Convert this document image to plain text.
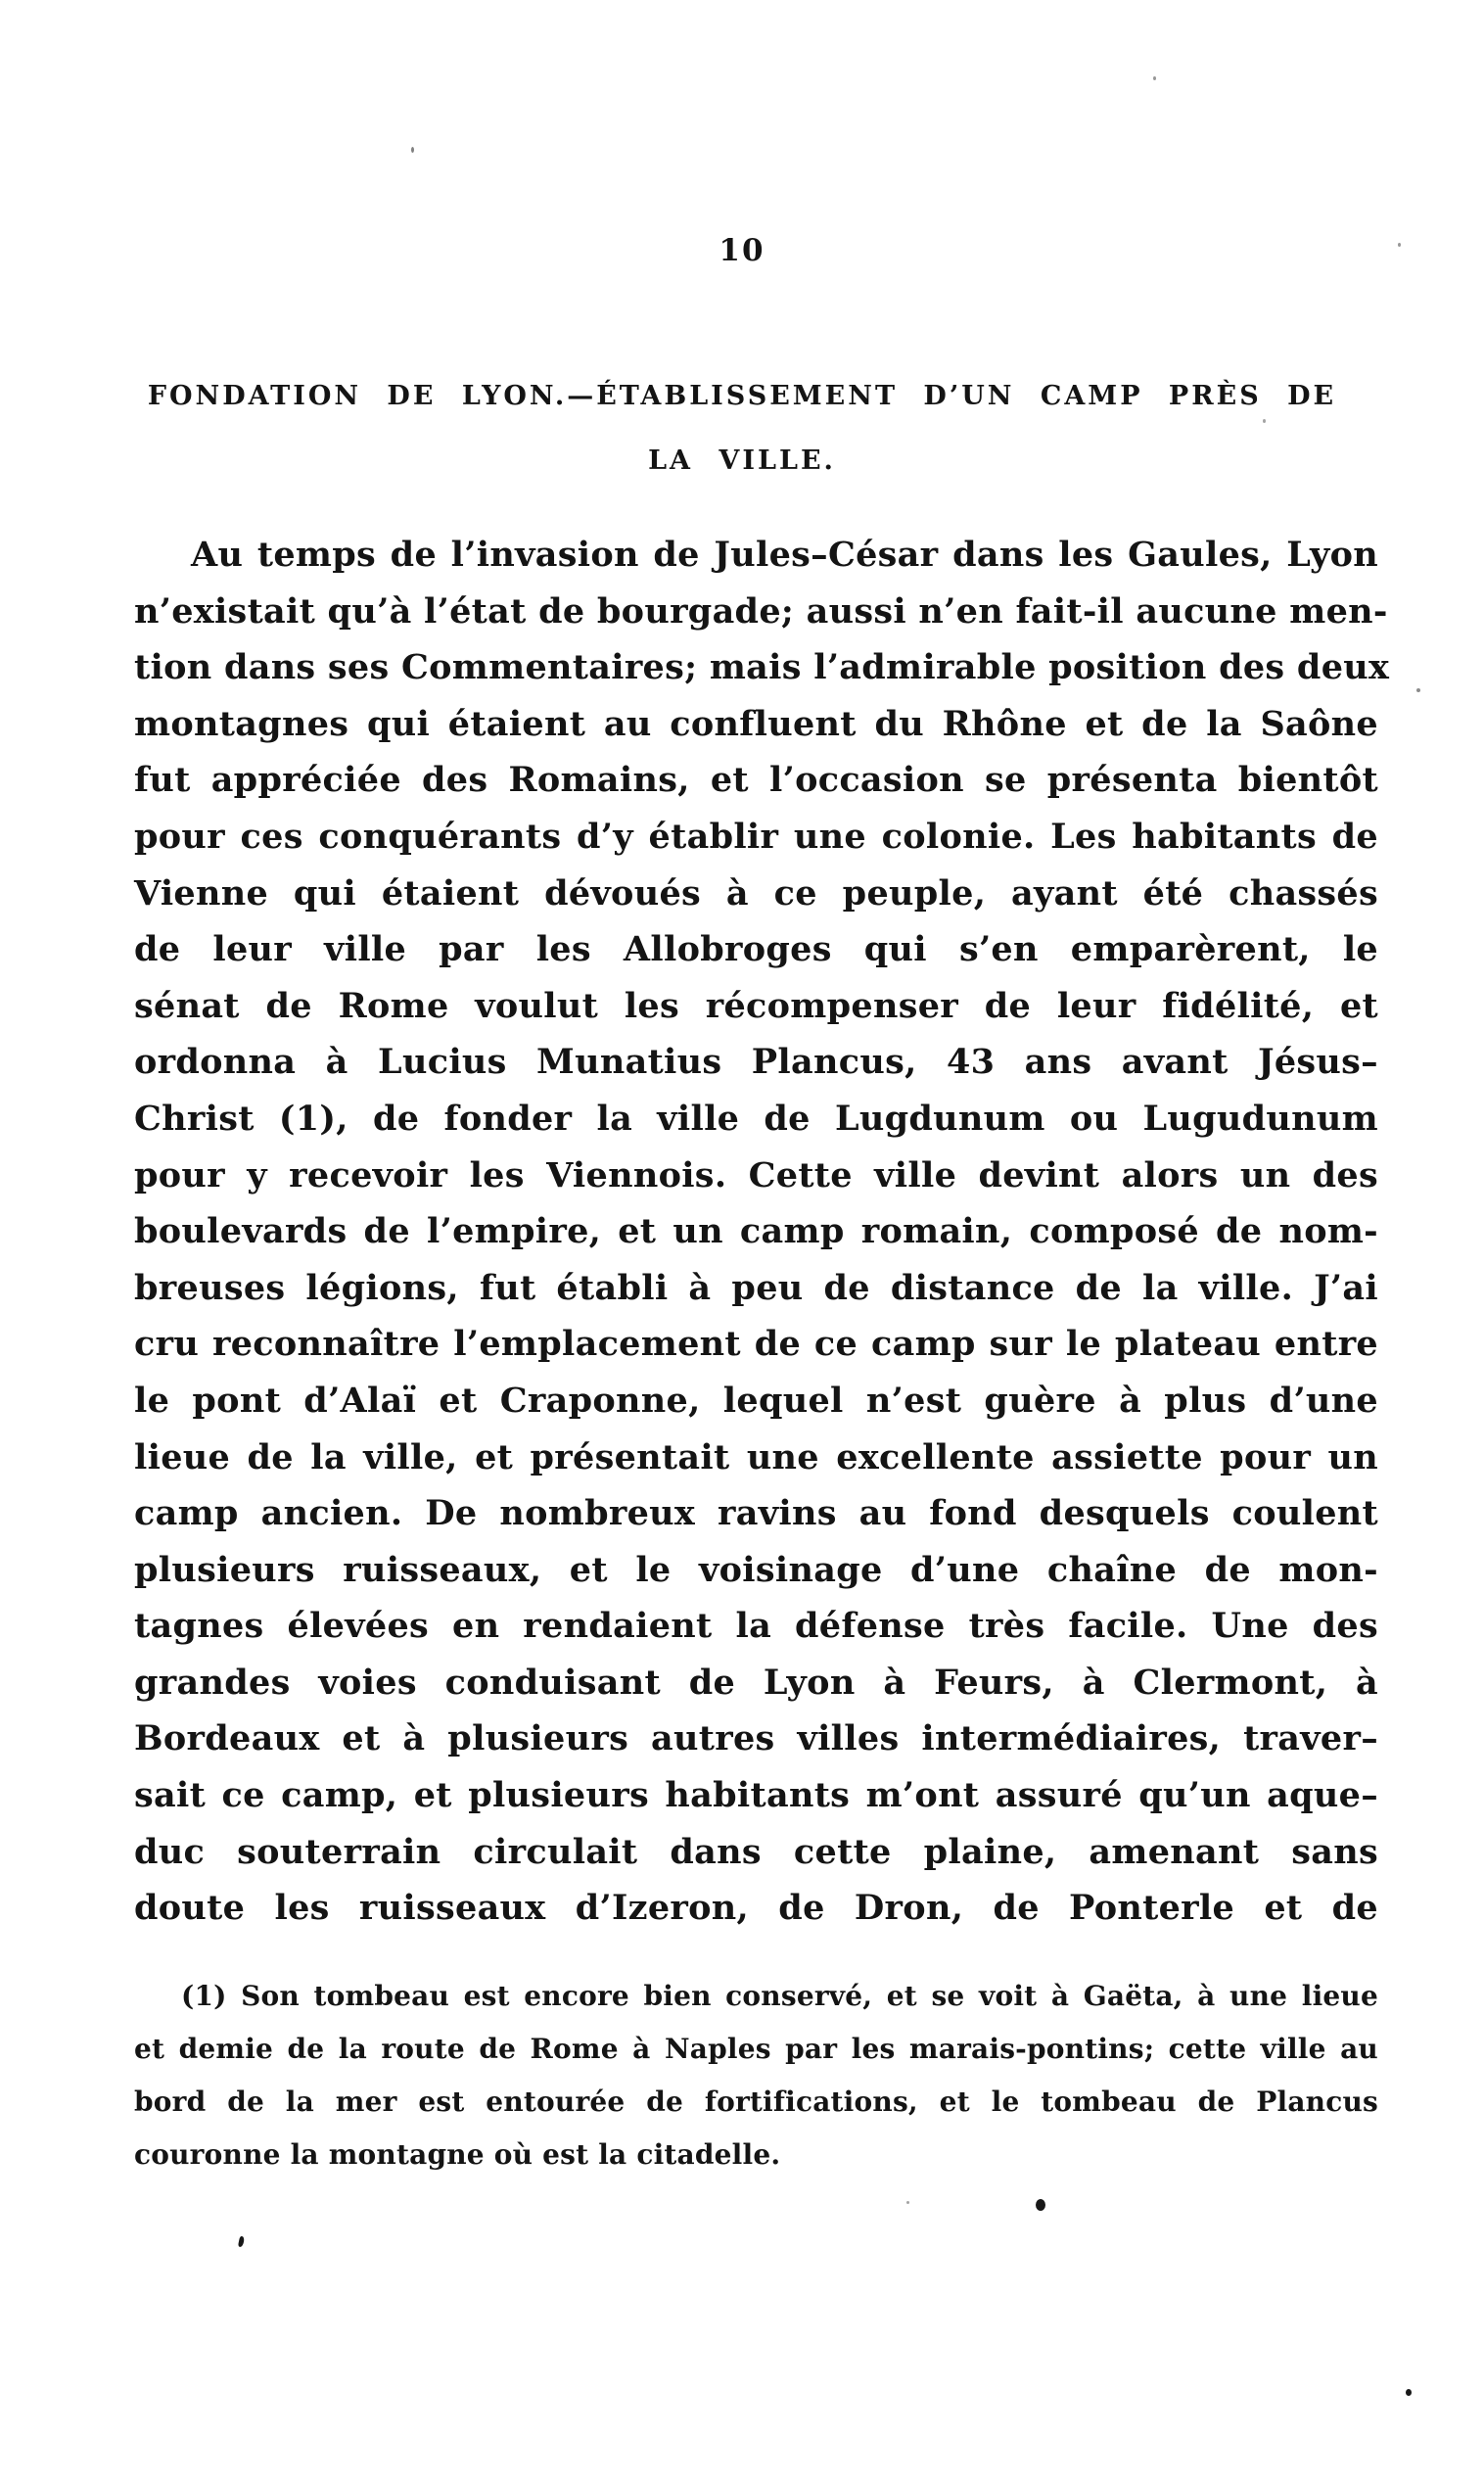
10
FONDATION DE LYON.—ÉTABLISSEMENT D’UN CAMP PRÈS DE
LA VILLE.
Au temps de l’invasion de Jules–César dans les Gaules, Lyon
n’existait qu’à l’état de bourgade; aussi n’en fait-il aucune men-
tion dans ses Commentaires; mais l’admirable position des deux
montagnes qui étaient au confluent du Rhône et de la Saône
fut appréciée des Romains, et l’occasion se présenta bientôt
pour ces conquérants d’y établir une colonie. Les habitants de
Vienne qui étaient dévoués à ce peuple, ayant été chassés
de leur ville par les Allobroges qui s’en emparèrent, le
sénat de Rome voulut les récompenser de leur fidélité, et
ordonna à Lucius Munatius Plancus, 43 ans avant Jésus–
Christ (1), de fonder la ville de Lugdunum ou Lugudunum
pour y recevoir les Viennois. Cette ville devint alors un des
boulevards de l’empire, et un camp romain, composé de nom-
breuses légions, fut établi à peu de distance de la ville. J’ai
cru reconnaître l’emplacement de ce camp sur le plateau entre
le pont d’Alaï et Craponne, lequel n’est guère à plus d’une
lieue de la ville, et présentait une excellente assiette pour un
camp ancien. De nombreux ravins au fond desquels coulent
plusieurs ruisseaux, et le voisinage d’une chaîne de mon-
tagnes élevées en rendaient la défense très facile. Une des
grandes voies conduisant de Lyon à Feurs, à Clermont, à
Bordeaux et à plusieurs autres villes intermédiaires, traver–
sait ce camp, et plusieurs habitants m’ont assuré qu’un aque–
duc souterrain circulait dans cette plaine, amenant sans
doute les ruisseaux d’Izeron, de Dron, de Ponterle et de
(1) Son tombeau est encore bien conservé, et se voit à Gaëta, à une lieue
et demie de la route de Rome à Naples par les marais-pontins; cette ville au
bord de la mer est entourée de fortifications, et le tombeau de Plancus
couronne la montagne où est la citadelle.
